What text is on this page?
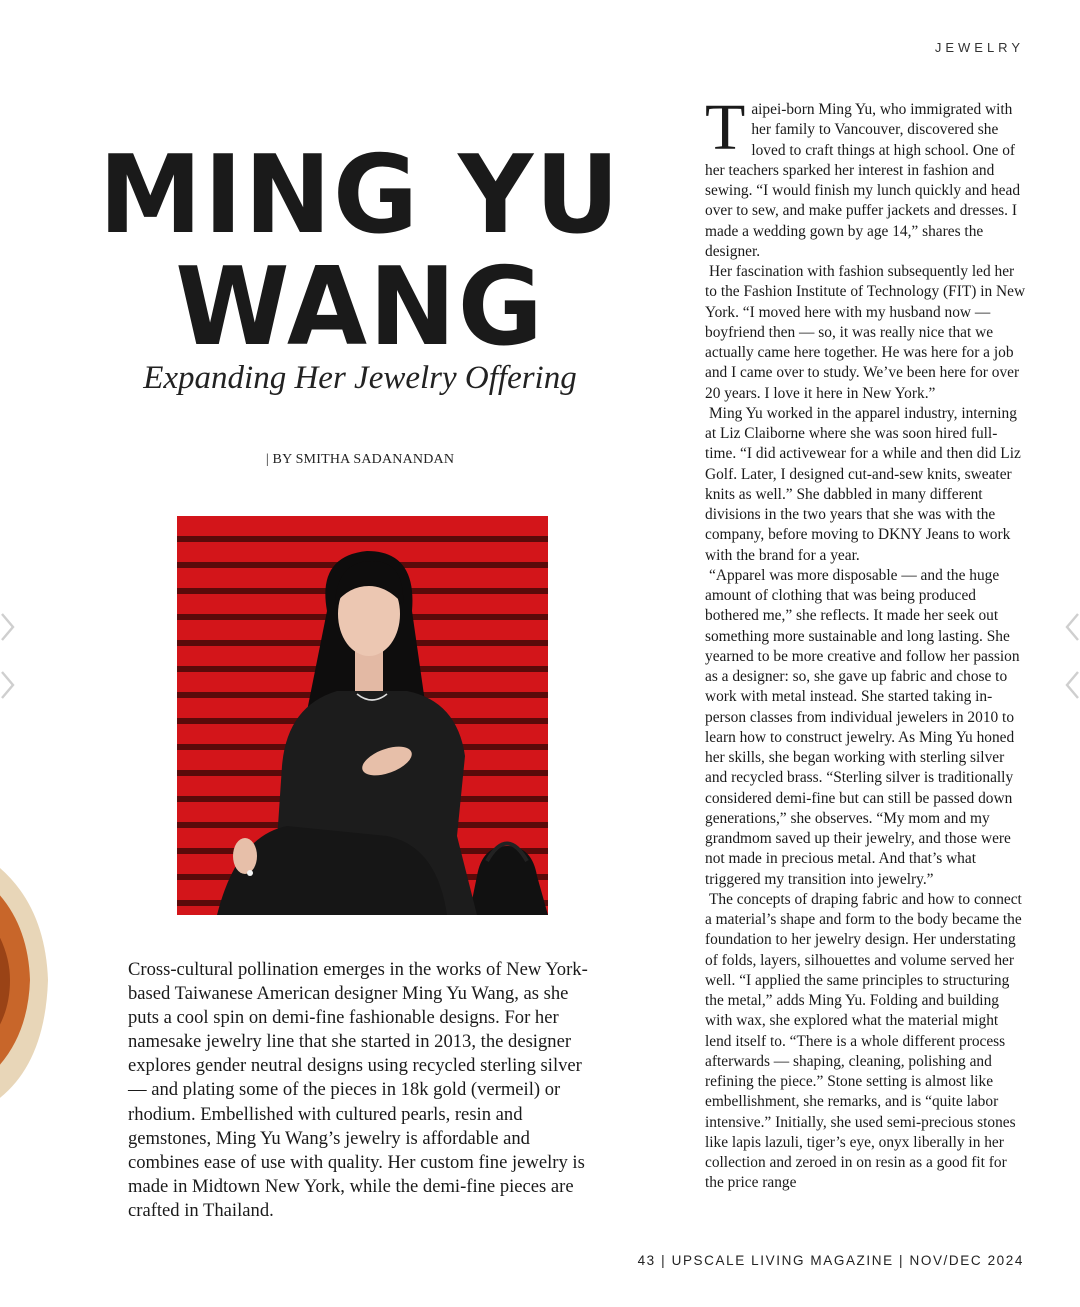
JEWELRY
MING YU
WANG
Expanding Her Jewelry Offering
| BY SMITHA SADANANDAN
Cross-cultural pollination emerges in the works of New York-based Taiwanese American designer Ming Yu Wang, as she puts a cool spin on demi-fine fashionable designs. For her namesake jewelry line that she started in 2013, the designer explores gender neutral designs using recycled sterling silver — and plating some of the pieces in 18k gold (vermeil) or rhodium. Embellished with cultured pearls, resin and gemstones, Ming Yu Wang’s jewelry is affordable and combines ease of use with quality. Her custom fine jewelry is made in Midtown New York, while the demi-fine pieces are crafted in Thailand.

Taipei-born Ming Yu, who immigrated with her family to Vancouver, discovered she loved to craft things at high school. One of her teachers sparked her interest in fashion and sewing. “I would finish my lunch quickly and head over to sew, and make puffer jackets and dresses. I made a wedding gown by age 14,” shares the designer.

Her fascination with fashion subsequently led her to the Fashion Institute of Technology (FIT) in New York. “I moved here with my husband now — boyfriend then — so, it was really nice that we actually came here together. He was here for a job and I came over to study. We’ve been here for over 20 years. I love it here in New York.”

Ming Yu worked in the apparel industry, interning at Liz Claiborne where she was soon hired full-time. “I did activewear for a while and then did Liz Golf. Later, I designed cut-and-sew knits, sweater knits as well.” She dabbled in many different divisions in the two years that she was with the company, before moving to DKNY Jeans to work with the brand for a year.

“Apparel was more disposable — and the huge amount of clothing that was being produced bothered me,” she reflects. It made her seek out something more sustainable and long lasting. She yearned to be more creative and follow her passion as a designer: so, she gave up fabric and chose to work with metal instead. She started taking in-person classes from individual jewelers in 2010 to learn how to construct jewelry. As Ming Yu honed her skills, she began working with sterling silver and recycled brass. “Sterling silver is traditionally considered demi-fine but can still be passed down generations,” she observes. “My mom and my grandmom saved up their jewelry, and those were not made in precious metal. And that’s what triggered my transition into jewelry.”

The concepts of draping fabric and how to connect a material’s shape and form to the body became the foundation to her jewelry design. Her understating of folds, layers, silhouettes and volume served her well. “I applied the same principles to structuring the metal,” adds Ming Yu. Folding and building with wax, she explored what the material might lend itself to. “There is a whole different process afterwards — shaping, cleaning, polishing and refining the piece.” Stone setting is almost like embellishment, she remarks, and is “quite labor intensive.” Initially, she used semi-precious stones like lapis lazuli, tiger’s eye, onyx liberally in her collection and zeroed in on resin as a good fit for the price range

43 | UPSCALE LIVING MAGAZINE | NOV/DEC 2024
